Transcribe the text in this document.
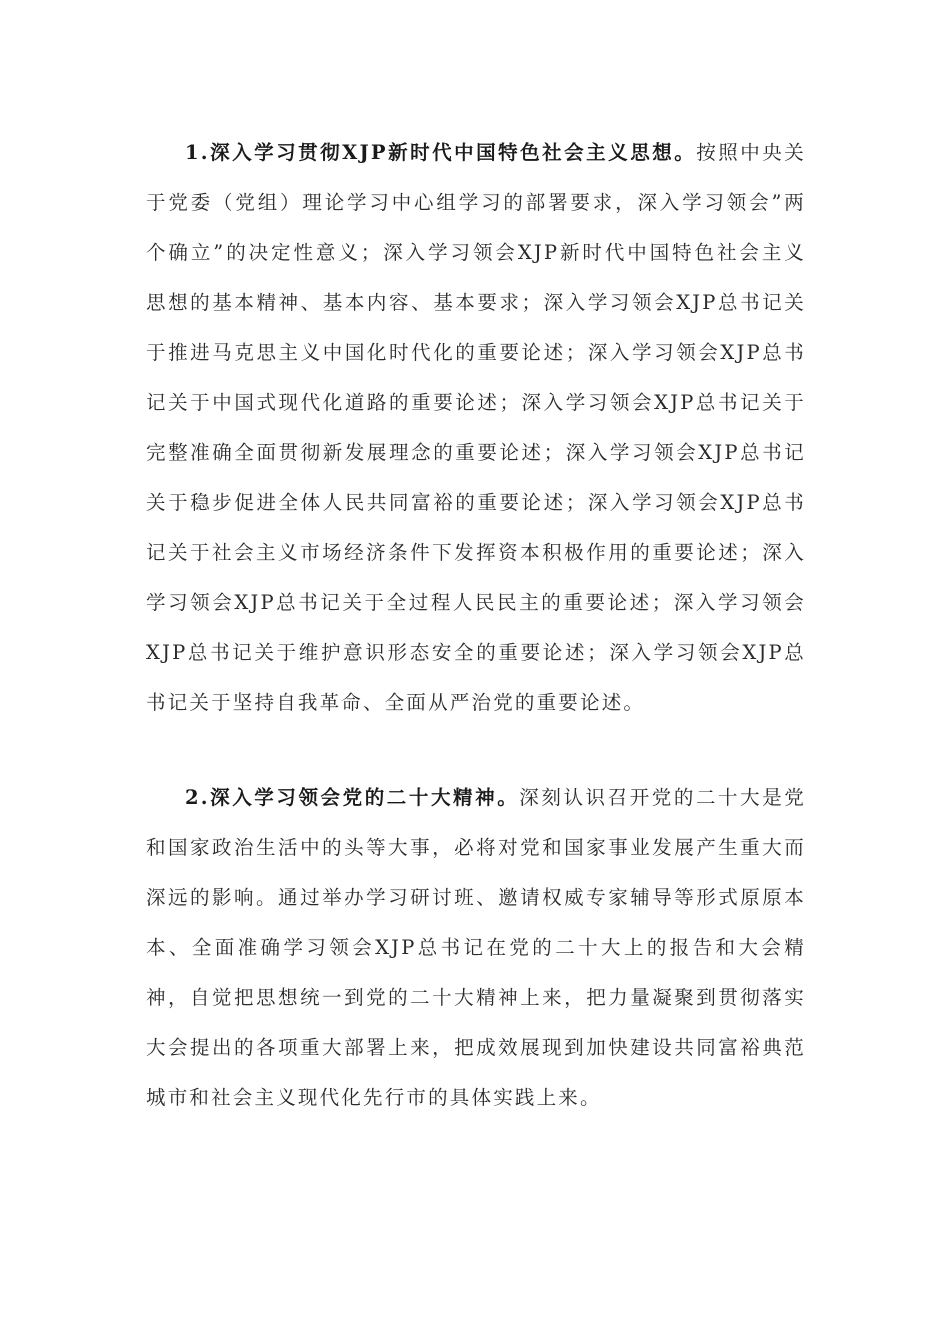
1.深入学习贯彻XJP新时代中国特色社会主义思想。按照中央关于党委（党组）理论学习中心组学习的部署要求，深入学习领会”两个确立”的决定性意义；深入学习领会XJP新时代中国特色社会主义思想的基本精神、基本内容、基本要求；深入学习领会XJP总书记关于推进马克思主义中国化时代化的重要论述；深入学习领会XJP总书记关于中国式现代化道路的重要论述；深入学习领会XJP总书记关于完整准确全面贯彻新发展理念的重要论述；深入学习领会XJP总书记关于稳步促进全体人民共同富裕的重要论述；深入学习领会XJP总书记关于社会主义市场经济条件下发挥资本积极作用的重要论述；深入学习领会XJP总书记关于全过程人民民主的重要论述；深入学习领会XJP总书记关于维护意识形态安全的重要论述；深入学习领会XJP总书记关于坚持自我革命、全面从严治党的重要论述。

2.深入学习领会党的二十大精神。深刻认识召开党的二十大是党和国家政治生活中的头等大事，必将对党和国家事业发展产生重大而深远的影响。通过举办学习研讨班、邀请权威专家辅导等形式原原本本、全面准确学习领会XJP总书记在党的二十大上的报告和大会精神，自觉把思想统一到党的二十大精神上来，把力量凝聚到贯彻落实大会提出的各项重大部署上来，把成效展现到加快建设共同富裕典范城市和社会主义现代化先行市的具体实践上来。
